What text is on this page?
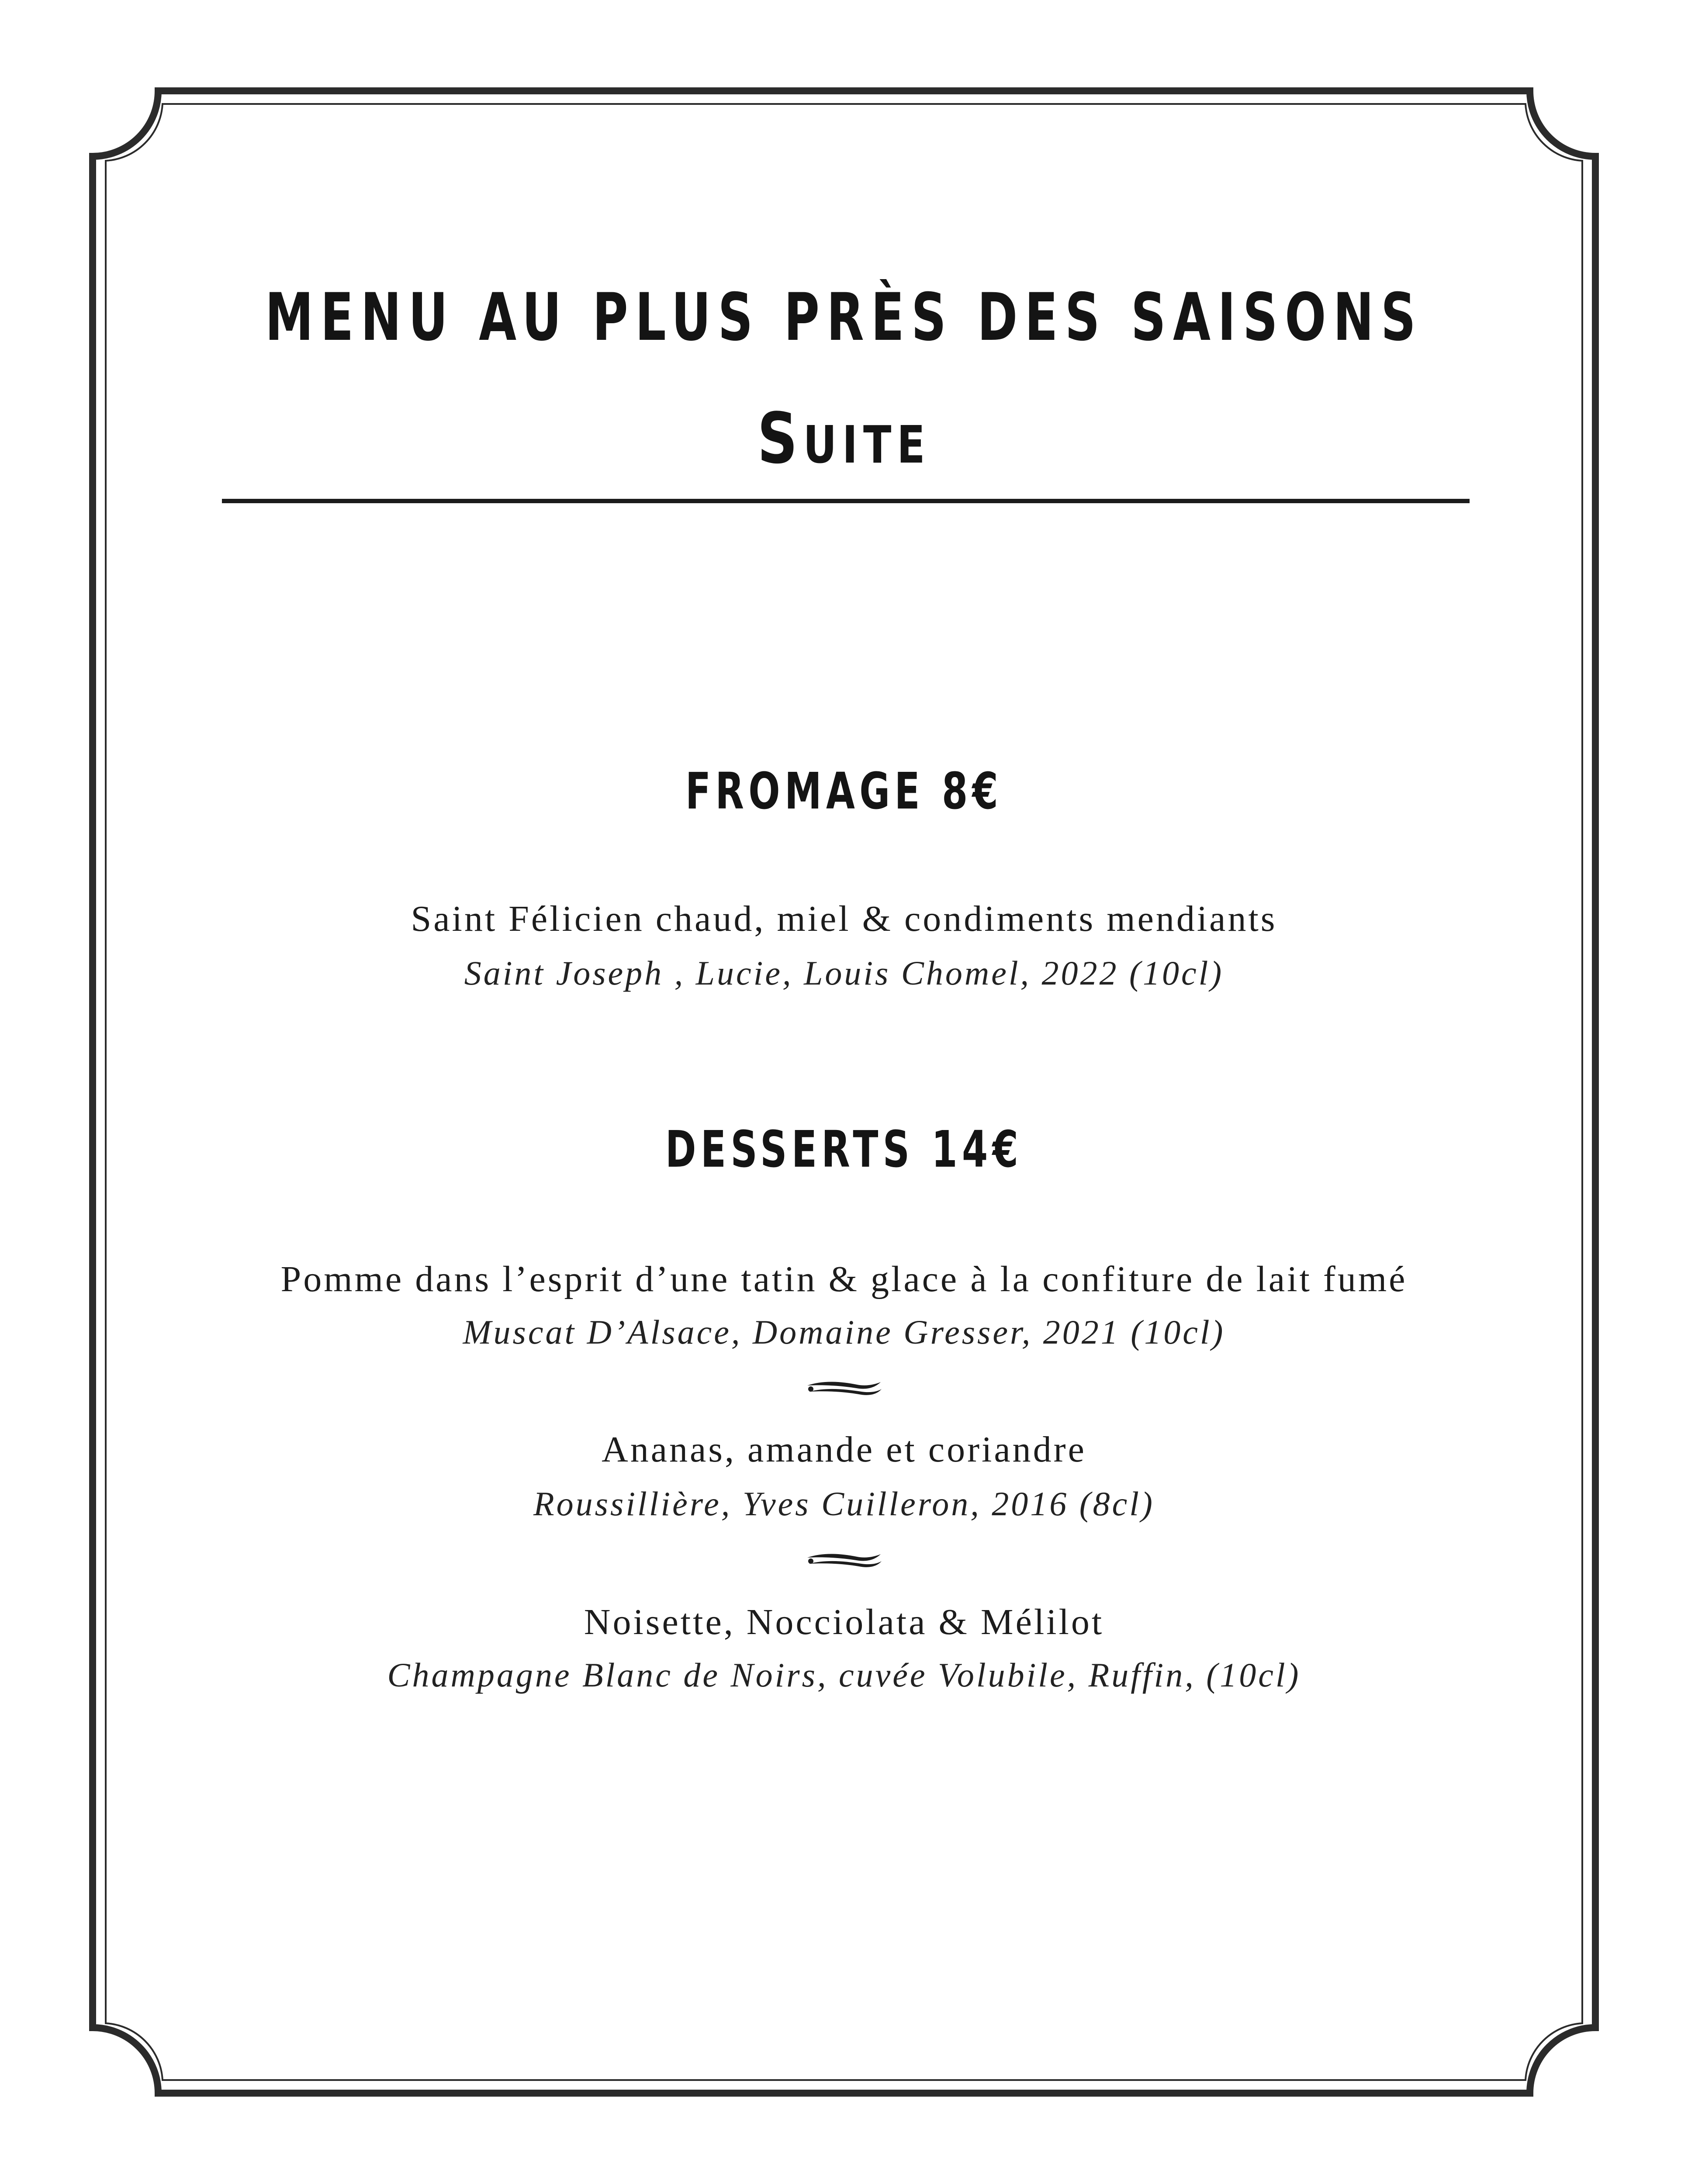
MENU AU PLUS PRÈS DES SAISONS
SUITE
FROMAGE 8€
Saint Félicien chaud, miel & condiments mendiants
Saint Joseph , Lucie, Louis Chomel, 2022 (10cl)
DESSERTS 14€
Pomme dans l’esprit d’une tatin & glace à la confiture de lait fumé
Muscat D’Alsace, Domaine Gresser, 2021 (10cl)
Ananas, amande et coriandre
Roussillière, Yves Cuilleron, 2016 (8cl)
Noisette, Nocciolata & Mélilot
Champagne Blanc de Noirs, cuvée Volubile, Ruffin, (10cl)
